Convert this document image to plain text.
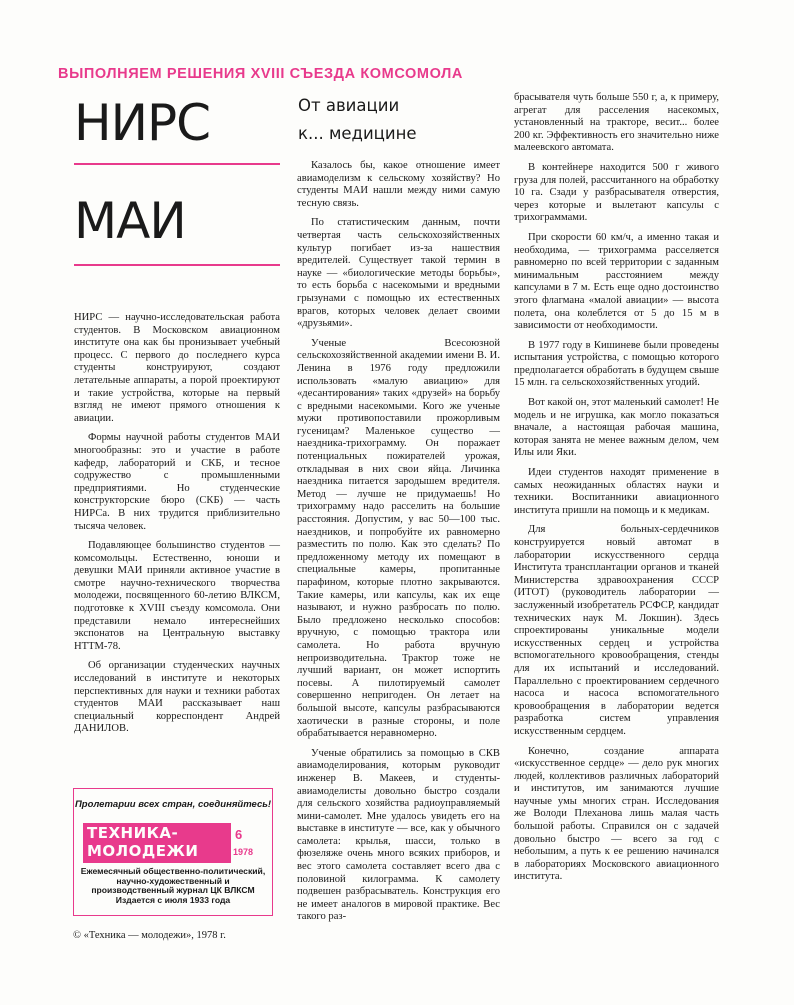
ВЫПОЛНЯЕМ РЕШЕНИЯ XVIII СЪЕЗДА КОМСОМОЛА
НИРС
МАИ
От авиации
к... медицине

НИРС — научно-исследовательская работа студентов. В Московском авиационном институте она как бы пронизывает учебный процесс. С первого до последнего курса студенты конструируют, создают летательные аппараты, а порой проектируют и такие устройства, которые на первый взгляд не имеют прямого отношения к авиации.

Формы научной работы студентов МАИ многообразны: это и участие в работе кафедр, лабораторий и СКБ, и тесное содружество с промышленными предприятиями. Но студенческие конструкторские бюро (СКБ) — часть НИРСа. В них трудится приблизительно тысяча человек.

Подавляющее большинство студентов — комсомольцы. Естественно, юноши и девушки МАИ приняли активное участие в смотре научно-технического творчества молодежи, посвященного 60-летию ВЛКСМ, подготовке к XVIII съезду комсомола. Они представили немало интереснейших экспонатов на Центральную выставку НТТМ-78.

Об организации студенческих научных исследований в институте и некоторых перспективных для науки и техники работах студентов МАИ рассказывает наш специальный корреспондент Андрей ДАНИЛОВ.

Казалось бы, какое отношение имеет авиамоделизм к сельскому хозяйству? Но студенты МАИ нашли между ними самую тесную связь.

По статистическим данным, почти четвертая часть сельскохозяйственных культур погибает из-за нашествия вредителей. Существует такой термин в науке — «биологические методы борьбы», то есть борьба с насекомыми и вредными грызунами с помощью их естественных врагов, которых человек делает своими «друзьями».

Ученые Всесоюзной сельскохозяйственной академии имени В. И. Ленина в 1976 году предложили использовать «малую авиацию» для «десантирования» таких «друзей» на борьбу с вредными насекомыми. Кого же ученые мужи противопоставили прожорливым гусеницам? Маленькое существо — наездника-трихограмму. Он поражает потенциальных пожирателей урожая, откладывая в них свои яйца. Личинка наездника питается зародышем вредителя. Метод — лучше не придумаешь! Но трихограмму надо расселить на большие расстояния. Допустим, у вас 50—100 тыс. наездников, и попробуйте их равномерно разместить по полю. Как это сделать? По предложенному методу их помещают в специальные камеры, пропитанные парафином, которые плотно закрываются. Такие камеры, или капсулы, как их еще называют, и нужно разбросать по полю. Было предложено несколько способов: вручную, с помощью трактора или самолета. Но работа вручную непроизводительна. Трактор тоже не лучший вариант, он может испортить посевы. А пилотируемый самолет совершенно непригоден. Он летает на большой высоте, капсулы разбрасываются хаотически в разные стороны, и поле обрабатывается неравномерно.

Ученые обратились за помощью в СКВ авиамоделирования, которым руководит инженер В. Макеев, и студенты-авиамоделисты довольно быстро создали для сельского хозяйства радиоуправляемый мини-самолет. Мне удалось увидеть его на выставке в институте — все, как у обычного самолета: крылья, шасси, только в фюзеляже очень много всяких приборов, и вес этого самолета составляет всего два с половиной килограмма. К самолету подвешен разбрасыватель. Конструкция его не имеет аналогов в мировой практике. Вес такого раз-

брасывателя чуть больше 550 г, а, к примеру, агрегат для расселения насекомых, установленный на тракторе, весит... более 200 кг. Эффективность его значительно ниже малеевского автомата.

В контейнере находится 500 г живого груза для полей, рассчитанного на обработку 10 га. Сзади у разбрасывателя отверстия, через которые и вылетают капсулы с трихограммами.

При скорости 60 км/ч, а именно такая и необходима, — трихограмма расселяется равномерно по всей территории с заданным минимальным расстоянием между капсулами в 7 м. Есть еще одно достоинство этого флагмана «малой авиации» — высота полета, она колеблется от 5 до 15 м в зависимости от необходимости.

В 1977 году в Кишиневе были проведены испытания устройства, с помощью которого предполагается обработать в будущем свыше 15 млн. га сельскохозяйственных угодий.

Вот какой он, этот маленький самолет! Не модель и не игрушка, как могло показаться вначале, а настоящая рабочая машина, которая занята не менее важным делом, чем Илы или Яки.

Идеи студентов находят применение в самых неожиданных областях науки и техники. Воспитанники авиационного института пришли на помощь и к медикам.

Для больных-сердечников конструируется новый автомат в лаборатории искусственного сердца Института трансплантации органов и тканей Министерства здравоохранения СССР (ИТОТ) (руководитель лаборатории — заслуженный изобретатель РСФСР, кандидат технических наук М. Локшин). Здесь спроектированы уникальные модели искусственных сердец и устройства вспомогательного кровообращения, стенды для их испытаний и исследований. Параллельно с проектированием сердечного насоса и насоса вспомогательного кровообращения в лаборатории ведется разработка систем управления искусственным сердцем.

Конечно, создание аппарата «искусственное сердце» — дело рук многих людей, коллективов различных лабораторий и институтов, им занимаются лучшие научные умы многих стран. Исследования же Володи Плеханова лишь малая часть большой работы. Справился он с задачей довольно быстро — всего за год с небольшим, а путь к ее решению начинался в лабораториях Московского авиационного института.

Пролетарии всех стран, соединяйтесь!
ТЕХНИКА-
МОЛОДЕЖИ
6
1978
Ежемесячный общественно-политический, научно-художественный и производственный журнал ЦК ВЛКСМ Издается с июля 1933 года
© «Техника — молодежи», 1978 г.
